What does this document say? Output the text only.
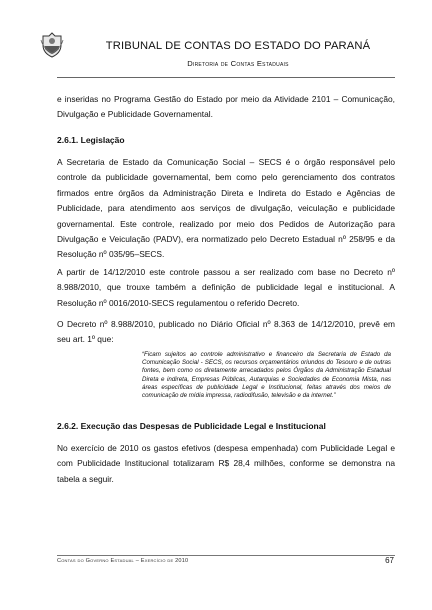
TRIBUNAL DE CONTAS DO ESTADO DO PARANÁ
Diretoria de Contas Estaduais
e inseridas no Programa Gestão do Estado por meio da Atividade 2101 – Comunicação, Divulgação e Publicidade Governamental.
2.6.1. Legislação
A Secretaria de Estado da Comunicação Social – SECS é o órgão responsável pelo controle da publicidade governamental, bem como pelo gerenciamento dos contratos firmados entre órgãos da Administração Direta e Indireta do Estado e Agências de Publicidade, para atendimento aos serviços de divulgação, veiculação e publicidade governamental. Este controle, realizado por meio dos Pedidos de Autorização para Divulgação e Veiculação (PADV), era normatizado pelo Decreto Estadual nº 258/95 e da Resolução nº 035/95–SECS.
A partir de 14/12/2010 este controle passou a ser realizado com base no Decreto nº 8.988/2010, que trouxe também a definição de publicidade legal e institucional. A Resolução nº 0016/2010-SECS regulamentou o referido Decreto.
O Decreto nº 8.988/2010, publicado no Diário Oficial nº 8.363 de 14/12/2010, prevê em seu art. 1º que:
“Ficam sujeitos ao controle administrativo e financeiro da Secretaria de Estado da Comunicação Social - SECS, os recursos orçamentários oriundos do Tesouro e de outras fontes, bem como os diretamente arrecadados pelos Órgãos da Administração Estadual Direta e indireta, Empresas Públicas, Autarquias e Sociedades de Economia Mista, nas áreas específicas de publicidade Legal e Institucional, feitas através dos meios de comunicação de mídia impressa, radiodifusão, televisão e da internet.”
2.6.2. Execução das Despesas de Publicidade Legal e Institucional
No exercício de 2010 os gastos efetivos (despesa empenhada) com Publicidade Legal e com Publicidade Institucional totalizaram R$ 28,4 milhões, conforme se demonstra na tabela a seguir.
Contas do Governo Estadual – Exercício de 2010	67
